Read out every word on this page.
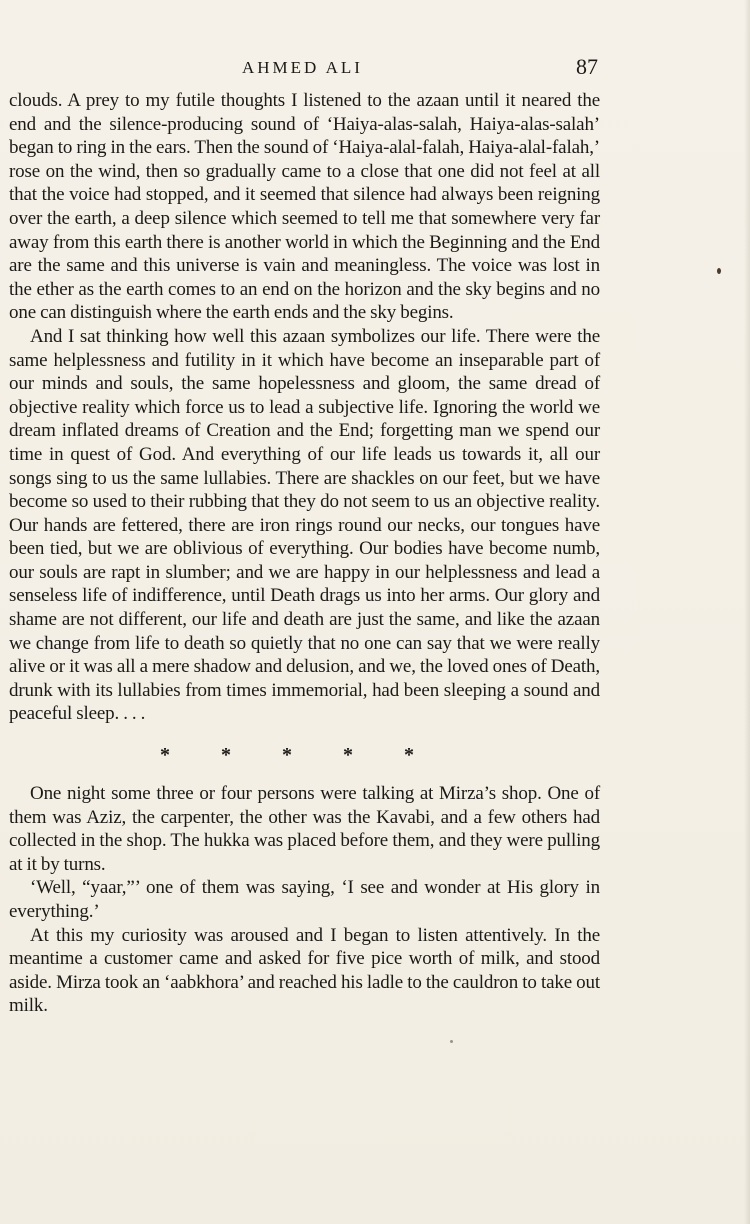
AHMED ALI	87

clouds. A prey to my futile thoughts I listened to the azaan until it neared the end and the silence-producing sound of ‘Haiya-alas-salah, Haiya-alas-salah’ began to ring in the ears. Then the sound of ‘Haiya-alal-falah, Haiya-alal-falah,’ rose on the wind, then so gradually came to a close that one did not feel at all that the voice had stopped, and it seemed that silence had always been reigning over the earth, a deep silence which seemed to tell me that somewhere very far away from this earth there is another world in which the Beginning and the End are the same and this universe is vain and meaningless. The voice was lost in the ether as the earth comes to an end on the horizon and the sky begins and no one can distinguish where the earth ends and the sky begins.

And I sat thinking how well this azaan symbolizes our life. There were the same helplessness and futility in it which have become an inseparable part of our minds and souls, the same hopelessness and gloom, the same dread of objective reality which force us to lead a subjective life. Ignoring the world we dream inflated dreams of Creation and the End; forgetting man we spend our time in quest of God. And everything of our life leads us towards it, all our songs sing to us the same lullabies. There are shackles on our feet, but we have become so used to their rubbing that they do not seem to us an objective reality. Our hands are fettered, there are iron rings round our necks, our tongues have been tied, but we are oblivious of everything. Our bodies have become numb, our souls are rapt in slumber; and we are happy in our helplessness and lead a senseless life of indifference, until Death drags us into her arms. Our glory and shame are not different, our life and death are just the same, and like the azaan we change from life to death so quietly that no one can say that we were really alive or it was all a mere shadow and delusion, and we, the loved ones of Death, drunk with its lullabies from times immemorial, had been sleeping a sound and peaceful sleep. . . .

* * * * *

One night some three or four persons were talking at Mirza’s shop. One of them was Aziz, the carpenter, the other was the Kavabi, and a few others had collected in the shop. The hukka was placed before them, and they were pulling at it by turns.

‘Well, “yaar,”’ one of them was saying, ‘I see and wonder at His glory in everything.’

At this my curiosity was aroused and I began to listen attentively. In the meantime a customer came and asked for five pice worth of milk, and stood aside. Mirza took an ‘aabkhora’ and reached his ladle to the cauldron to take out milk.
